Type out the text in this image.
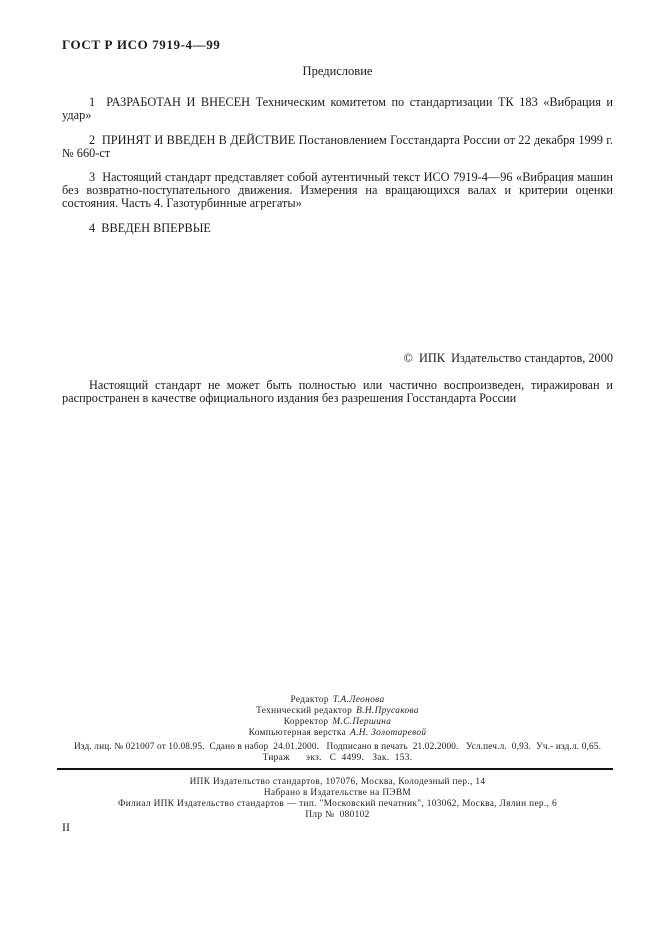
ГОСТ Р ИСО 7919-4—99
Предисловие
1  РАЗРАБОТАН И ВНЕСЕН Техническим комитетом по стандартизации ТК 183 «Вибрация и удар»
2  ПРИНЯТ И ВВЕДЕН В ДЕЙСТВИЕ Постановлением Госстандарта России от 22 декабря 1999 г. № 660-ст
3  Настоящий стандарт представляет собой аутентичный текст ИСО 7919-4—96 «Вибрация машин без возвратно-поступательного движения. Измерения на вращающихся валах и критерии оценки состояния. Часть 4. Газотурбинные агрегаты»
4  ВВЕДЕН ВПЕРВЫЕ
©  ИПК  Издательство стандартов, 2000
Настоящий стандарт не может быть полностью или частично воспроизведен, тиражирован и распространен в качестве официального издания без разрешения Госстандарта России
Редактор Т.А.Леонова
Технический редактор В.Н.Прусакова
Корректор М.С.Першина
Компьютерная верстка А.Н. Золотаревой
Изд. лиц. № 021007 от 10.08.95.  Сдано в набор  24.01.2000.   Подписано в печать  21.02.2000.   Усл.печ.л.  0,93.  Уч.- изд.л. 0,65.
Тираж      экз.   С  4499.   Зак.  153.
ИПК Издательство стандартов, 107076, Москва, Колодезный пер., 14
Набрано в Издательстве на ПЭВМ
Филиал ИПК Издательство стандартов — тип. "Московский печатник", 103062, Москва, Лялин пер., 6
Плр №  080102
II
